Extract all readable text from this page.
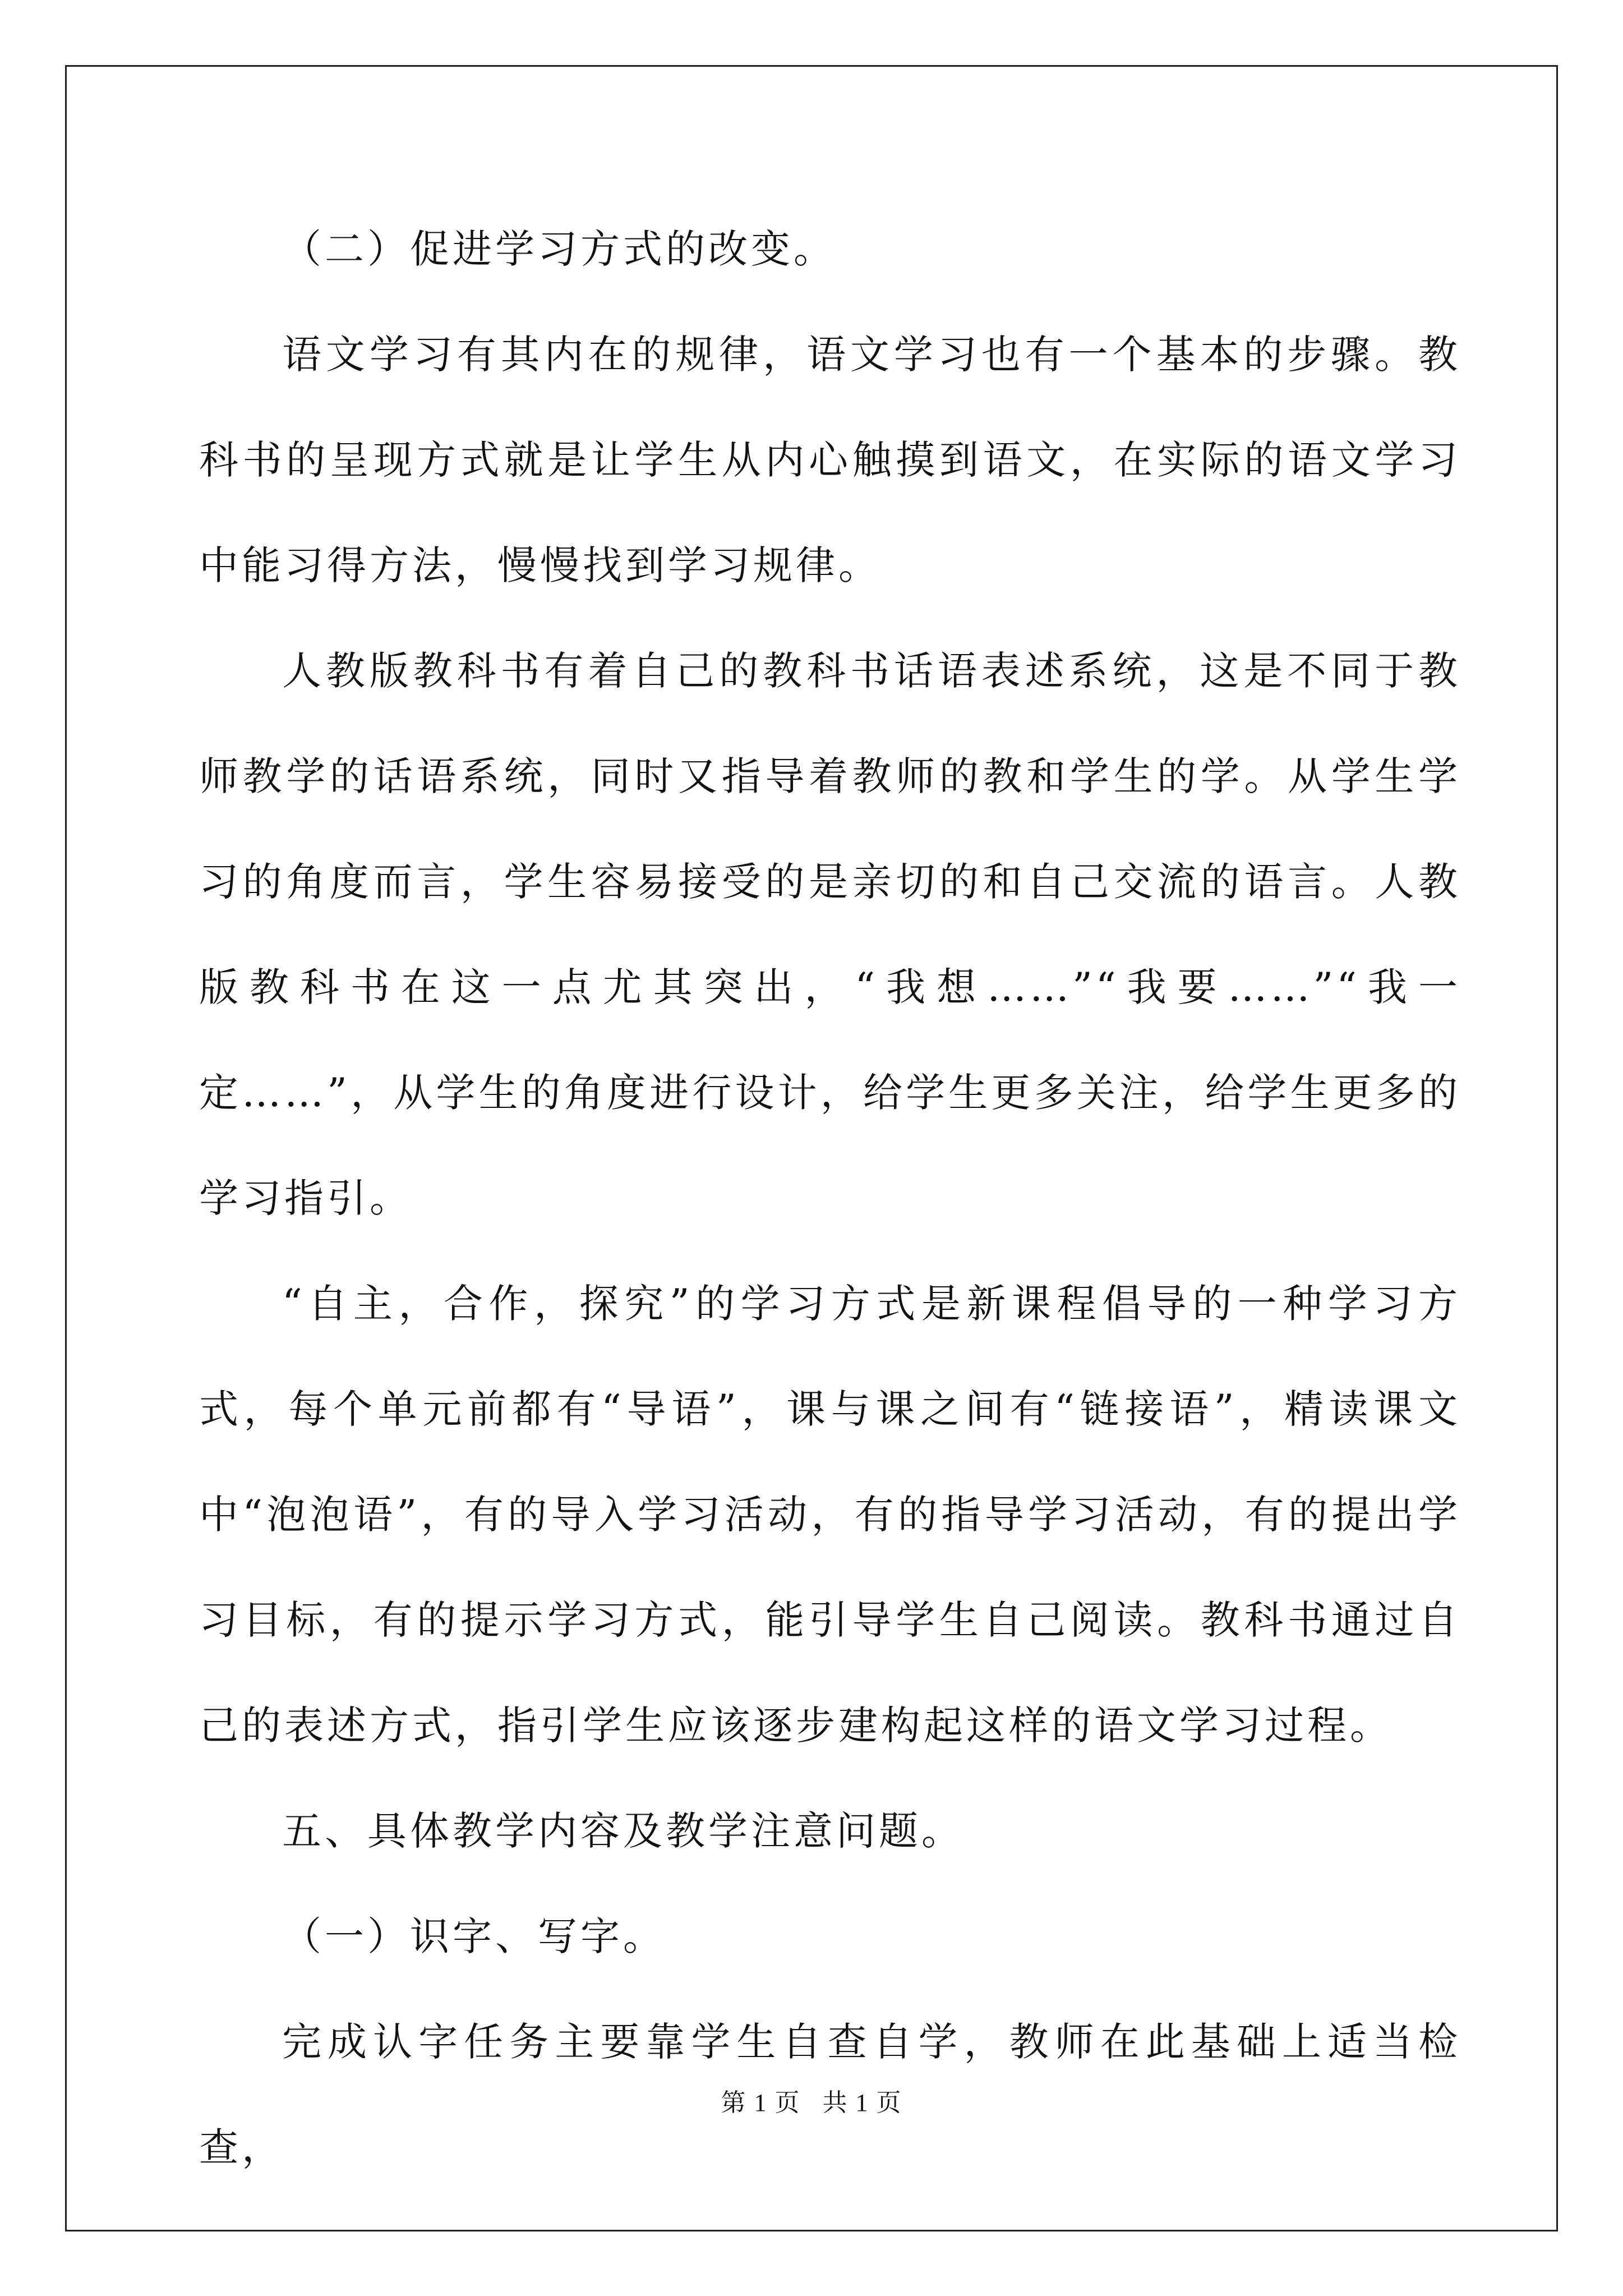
（二）促进学习方式的改变。

语文学习有其内在的规律，语文学习也有一个基本的步骤。教科书的呈现方式就是让学生从内心触摸到语文，在实际的语文学习中能习得方法，慢慢找到学习规律。

人教版教科书有着自己的教科书话语表述系统，这是不同于教师教学的话语系统，同时又指导着教师的教和学生的学。从学生学习的角度而言，学生容易接受的是亲切的和自己交流的语言。人教版教科书在这一点尤其突出，“我想……”“我要……”“我一定……”，从学生的角度进行设计，给学生更多关注，给学生更多的学习指引。

“自主，合作，探究”的学习方式是新课程倡导的一种学习方式，每个单元前都有“导语”，课与课之间有“链接语”，精读课文中“泡泡语”，有的导入学习活动，有的指导学习活动，有的提出学习目标，有的提示学习方式，能引导学生自己阅读。教科书通过自己的表述方式，指引学生应该逐步建构起这样的语文学习过程。

五、具体教学内容及教学注意问题。

（一）识字、写字。

完成认字任务主要靠学生自查自学，教师在此基础上适当检查，

第 1 页 共 1 页
